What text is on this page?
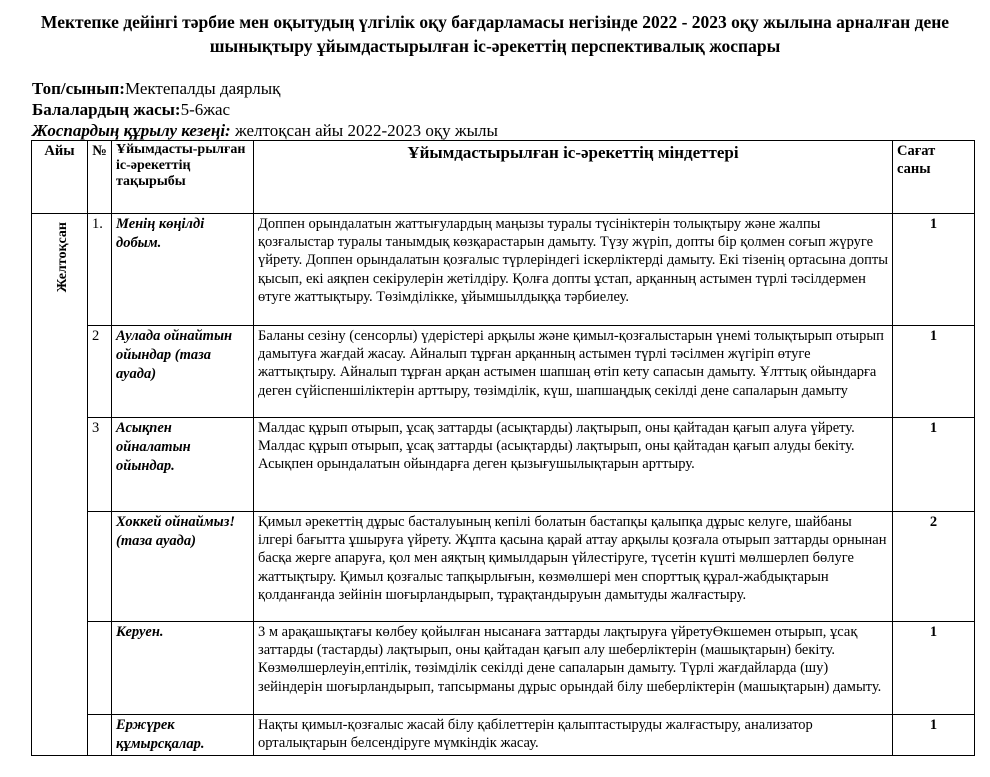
Мектепке дейінгі тәрбие мен оқытудың үлгілік оқу бағдарламасы негізінде 2022 - 2023 оқу жылына арналған дене шынықтыру ұйымдастырылған іс-әрекеттің перспективалық жоспары
Топ/сынып:Мектепалды даярлық
Балалардың жасы:5-6жас
Жоспардың құрылу кезеңі: желтоқсан айы 2022-2023 оқу жылы
Айы	№	Ұйымдасты-рылған іс-әрекеттің тақырыбы	Ұйымдастырылған іс-әрекеттің міндеттері	Сағат саны

Желтоқсан	1.	Менің көңілді добым.	Доппен орындалатын жаттығулардың маңызы туралы түсініктерін толықтыру және жалпы қозғалыстар туралы танымдық көзқарастарын дамыту. Түзу жүріп, допты бір қолмен соғып жүруге үйрету. Доппен орындалатын қозғалыс түрлеріндегі іскерліктерді дамыту. Екі тізенің ортасына допты қысып, екі аяқпен секірулерін жетілдіру. Қолға допты ұстап, арқанның астымен түрлі тәсілдермен өтуге жаттықтыру. Төзімділікке, ұйымшылдыққа тәрбиелеу.	1
	2	Аулада ойнайтын ойындар (таза ауада)	Баланы сезіну (сенсорлы) үдерістері арқылы және қимыл-қозғалыстарын үнемі толықтырып отырып дамытуға жағдай жасау. Айналып тұрған арқанның астымен түрлі тәсілмен жүгіріп өтуге жаттықтыру. Айналып тұрған арқан астымен шапшаң өтіп кету сапасын дамыту. Ұлттық ойындарға деген сүйіспеншіліктерін арттыру, төзімділік, күш, шапшаңдық секілді дене сапаларын дамыту	1
	3	Асықпен ойналатын ойындар.	Малдас құрып отырып, ұсақ заттарды (асықтарды) лақтырып, оны қайтадан қағып алуға үйрету. Малдас құрып отырып, ұсақ заттарды (асықтарды) лақтырып, оны қайтадан қағып алуды бекіту. Асықпен орындалатын ойындарға деген қызығушылықтарын арттыру.	1
		Хоккей ойнаймыз! (таза ауада)	Қимыл әрекеттің дұрыс басталуының кепілі болатын бастапқы қалыпқа дұрыс келуге, шайбаны ілгері бағытта ұшыруға үйрету. Жұпта қасына қарай аттау арқылы қозғала отырып заттарды орнынан басқа жерге апаруға, қол мен аяқтың қимылдарын үйлестіруге, түсетін күшті мөлшерлеп бөлуге жаттықтыру. Қимыл қозғалыс тапқырлығын, көзмөлшері мен спорттық құрал-жабдықтарын қолданғанда зейінін шоғырландырып, тұрақтандыруын дамытуды жалғастыру.	2
		Керуен.	3 м арақашықтағы көлбеу қойылған нысанаға заттарды лақтыруға үйретуӨкшемен отырып, ұсақ заттарды (тастарды) лақтырып, оны қайтадан қағып алу шеберліктерін (машықтарын) бекіту. Көзмөлшерлеуін,ептілік, төзімділік секілді дене сапаларын дамыту. Түрлі жағдайларда (шу) зейіндерін шоғырландырып, тапсырманы дұрыс орындай білу шеберліктерін (машықтарын) дамыту.	1
		Ержүрек құмырсқалар.	Нақты қимыл-қозғалыс жасай білу қабілеттерін қалыптастыруды жалғастыру, анализатор орталықтарын белсендіруге мүмкіндік жасау.	1
